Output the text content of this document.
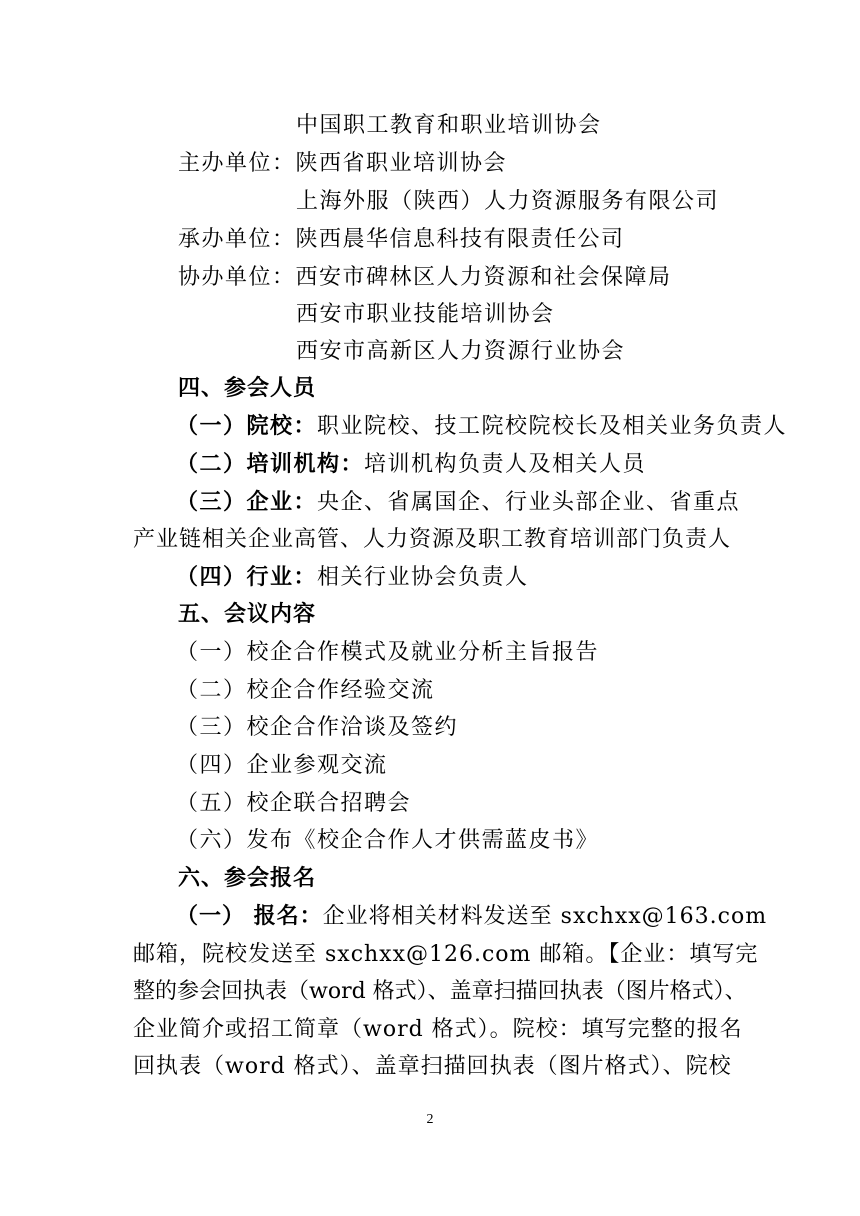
中国职工教育和职业培训协会
主办单位：陕西省职业培训协会
上海外服（陕西）人力资源服务有限公司
承办单位：陕西晨华信息科技有限责任公司
协办单位：西安市碑林区人力资源和社会保障局
西安市职业技能培训协会
西安市高新区人力资源行业协会
四、参会人员
（一）院校：职业院校、技工院校院校长及相关业务负责人
（二）培训机构：培训机构负责人及相关人员
（三）企业：央企、省属国企、行业头部企业、省重点
产业链相关企业高管、人力资源及职工教育培训部门负责人
（四）行业：相关行业协会负责人
五、会议内容
（一）校企合作模式及就业分析主旨报告
（二）校企合作经验交流
（三）校企合作洽谈及签约
（四）企业参观交流
（五）校企联合招聘会
（六）发布《校企合作人才供需蓝皮书》
六、参会报名
（一） 报名：企业将相关材料发送至 sxchxx@163.com
邮箱，院校发送至 sxchxx@126.com 邮箱。【企业：填写完
整的参会回执表（word 格式）、盖章扫描回执表（图片格式）、
企业简介或招工简章（word 格式）。院校：填写完整的报名
回执表（word 格式）、盖章扫描回执表（图片格式）、院校
2
